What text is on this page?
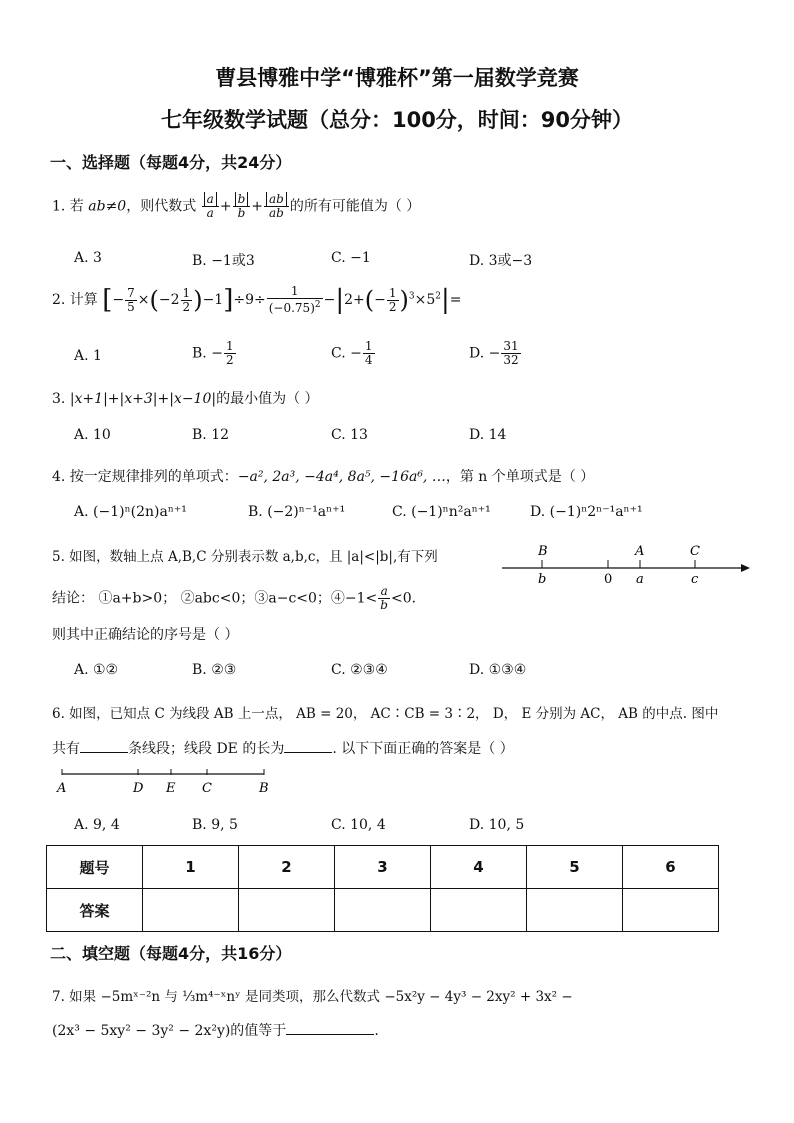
曹县博雅中学“博雅杯”第一届数学竞赛
七年级数学试题（总分：100分，时间：90分钟）
一、选择题（每题4分，共24分）
1. 若 ab≠0，则代数式 $\frac{a}{a} + \frac{b}{b} + \frac{ab}{ab}$ 的所有可能值为（ ）
A. 3	B. −1或3	C. −1	D. 3或−3
2. 计算 [− $\frac{7}{5} \times(-2 \frac{1}{2} )-1]\div 9\div \frac{1}{(-0.75)^2} -|2+(- \frac{1}{2} )^3\times 5^2|=$
A. 1	B. − $\frac{1}{2}$	C. − $\frac{1}{4}$	D. − $\frac{31}{32}$
3. |x+1|+|x+3|+|x−10|的最小值为（ ）
A. 10	B. 12	C. 13	D. 14
4. 按一定规律排列的单项式：−a², 2a³, −4a⁴, 8a⁵, −16a⁶, …，第 n 个单项式是（ ）
A. (−1)ⁿ(2n)aⁿ⁺¹	B. (−2)ⁿ⁻¹aⁿ⁺¹	C. (−1)ⁿn²aⁿ⁺¹	D. (−1)ⁿ2ⁿ⁻¹aⁿ⁺¹
5. 如图，数轴上点 A,B,C 分别表示数 a,b,c，且 |a|<|b|,有下列
结论： ①a+b>0； ②abc<0；③a−c<0；④−1< $\frac{a}{b} <0$．
则其中正确结论的序号是（ ）
B	A	C
b	0 a	c
A. ①②	B. ②③	C. ②③④	D. ①③④
6. 如图，已知点 C 为线段 AB 上一点， AB = 20， AC∶CB = 3∶2， D， E 分别为 AC， AB 的中点. 图中
共有	条线段；线段 DE 的长为	. 以下下面正确的答案是（ ）
A	D E C	B
A. 9, 4	B. 9, 5	C. 10, 4	D. 10, 5
题号	1	2	3	4	5	6
答案						
二、填空题（每题4分，共16分）
7. 如果 −5mˣ⁻²n 与 ⅓m⁴⁻ˣnʸ 是同类项，那么代数式 −5x²y − 4y³ − 2xy² + 3x² −
(2x³ − 5xy² − 3y² − 2x²y)的值等于	.
